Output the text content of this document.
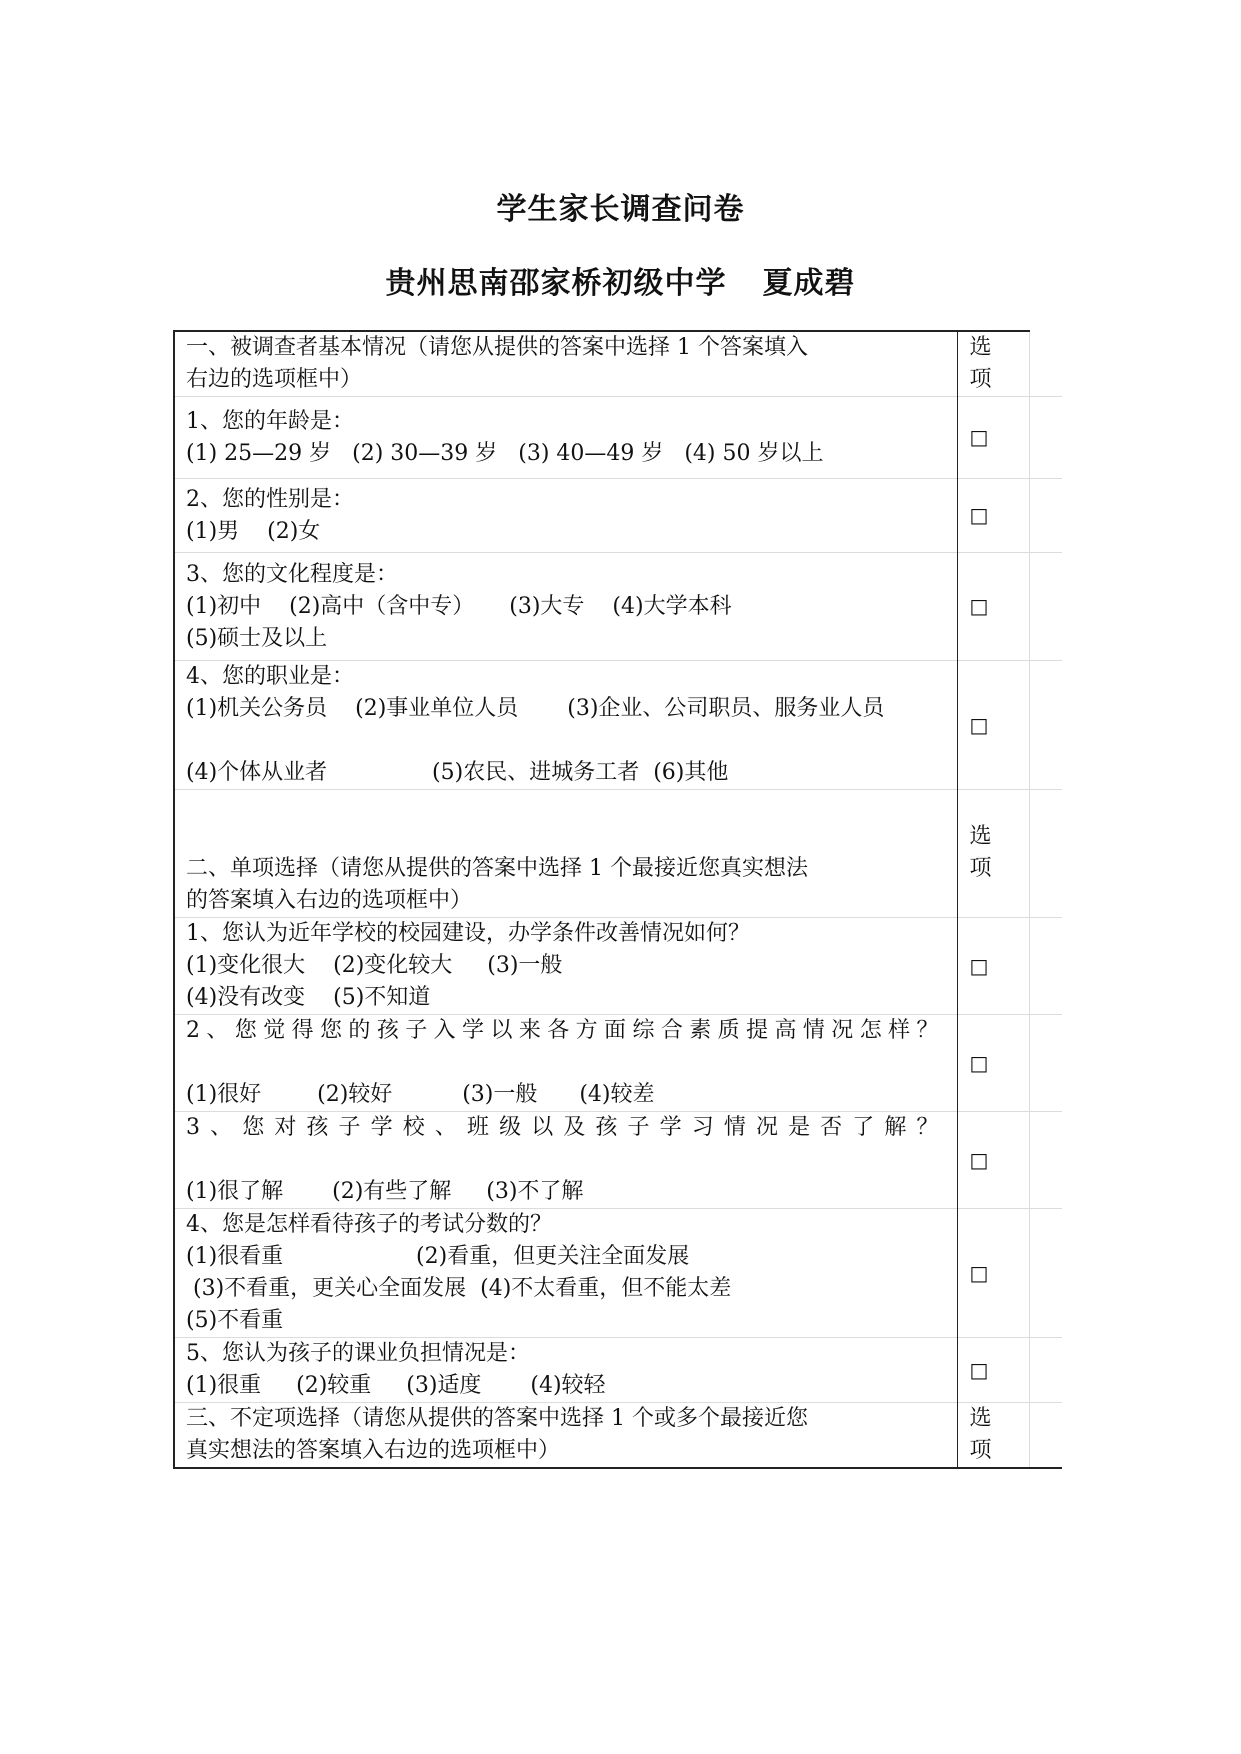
学生家长调查问卷
贵州思南邵家桥初级中学 夏成碧
一、被调查者基本情况（请您从提供的答案中选择 1 个答案填入
右边的选项框中）	选
项	

1、您的年龄是：
(1) 25—29 岁   (2) 30—39 岁   (3) 40—49 岁   (4) 50 岁以上	□	

2、您的性别是：
(1)男    (2)女	□	

3、您的文化程度是：
(1)初中    (2)高中（含中专）     (3)大专    (4)大学本科
(5)硕士及以上	□	

4、您的职业是：
(1)机关公务员    (2)事业单位人员       (3)企业、公司职员、服务业人员
(4)个体从业者               (5)农民、进城务工者  (6)其他	□	

二、单项选择（请您从提供的答案中选择 1 个最接近您真实想法
的答案填入右边的选项框中）	选
项	

1、您认为近年学校的校园建设，办学条件改善情况如何？
(1)变化很大    (2)变化较大     (3)一般
(4)没有改变    (5)不知道	□	

2、您觉得您的孩子入学以来各方面综合素质提高情况怎样？
(1)很好        (2)较好          (3)一般      (4)较差	□	

3、您对孩子学校、班级以及孩子学习情况是否了解？
(1)很了解       (2)有些了解     (3)不了解	□	

4、您是怎样看待孩子的考试分数的？
(1)很看重                   (2)看重，但更关注全面发展
(3)不看重，更关心全面发展  (4)不太看重，但不能太差
(5)不看重	□	

5、您认为孩子的课业负担情况是：
(1)很重     (2)较重     (3)适度       (4)较轻	□	

三、不定项选择（请您从提供的答案中选择 1 个或多个最接近您
真实想法的答案填入右边的选项框中）	选
项	
